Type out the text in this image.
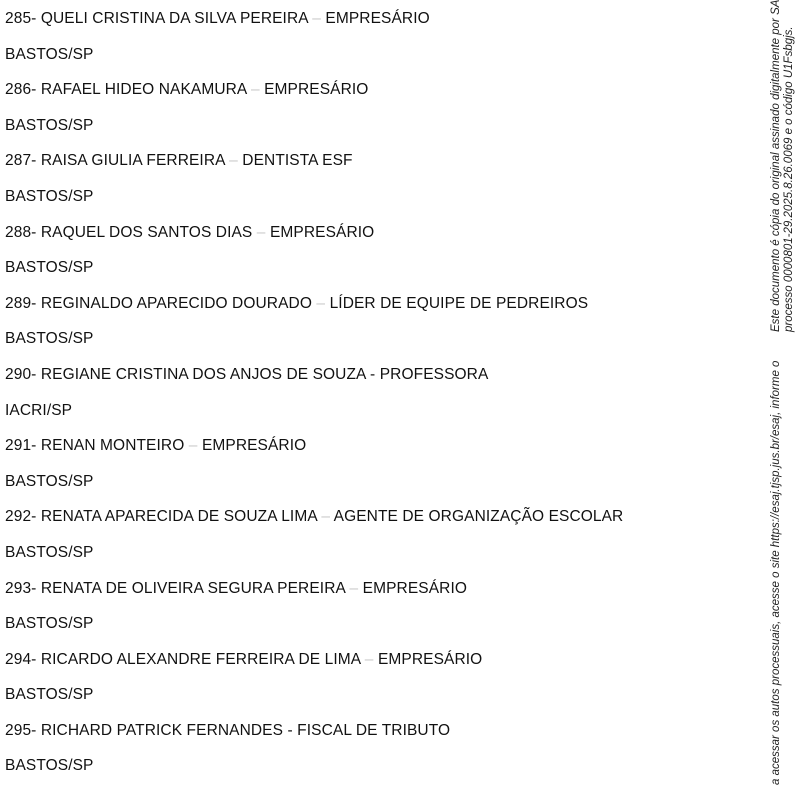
285- QUELI CRISTINA DA SILVA PEREIRA – EMPRESÁRIO
BASTOS/SP
286- RAFAEL HIDEO NAKAMURA – EMPRESÁRIO
BASTOS/SP
287- RAISA GIULIA FERREIRA – DENTISTA ESF
BASTOS/SP
288- RAQUEL DOS SANTOS DIAS – EMPRESÁRIO
BASTOS/SP
289- REGINALDO APARECIDO DOURADO – LÍDER DE EQUIPE DE PEDREIROS
BASTOS/SP
290- REGIANE CRISTINA DOS ANJOS DE SOUZA - PROFESSORA
IACRI/SP
291- RENAN MONTEIRO – EMPRESÁRIO
BASTOS/SP
292- RENATA APARECIDA DE SOUZA LIMA – AGENTE DE ORGANIZAÇÃO ESCOLAR
BASTOS/SP
293- RENATA DE OLIVEIRA SEGURA PEREIRA – EMPRESÁRIO
BASTOS/SP
294- RICARDO ALEXANDRE FERREIRA DE LIMA – EMPRESÁRIO
BASTOS/SP
295- RICHARD PATRICK FERNANDES - FISCAL DE TRIBUTO
BASTOS/SP
Este documento é cópia do original assinado digitalmente por SA processo 0000801-29.2025.8.26.0069 e o código U1Fsbgjs.
a acessar os autos processuais, acesse o site https://esaj.tjsp.jus.br/esaj, informe o
